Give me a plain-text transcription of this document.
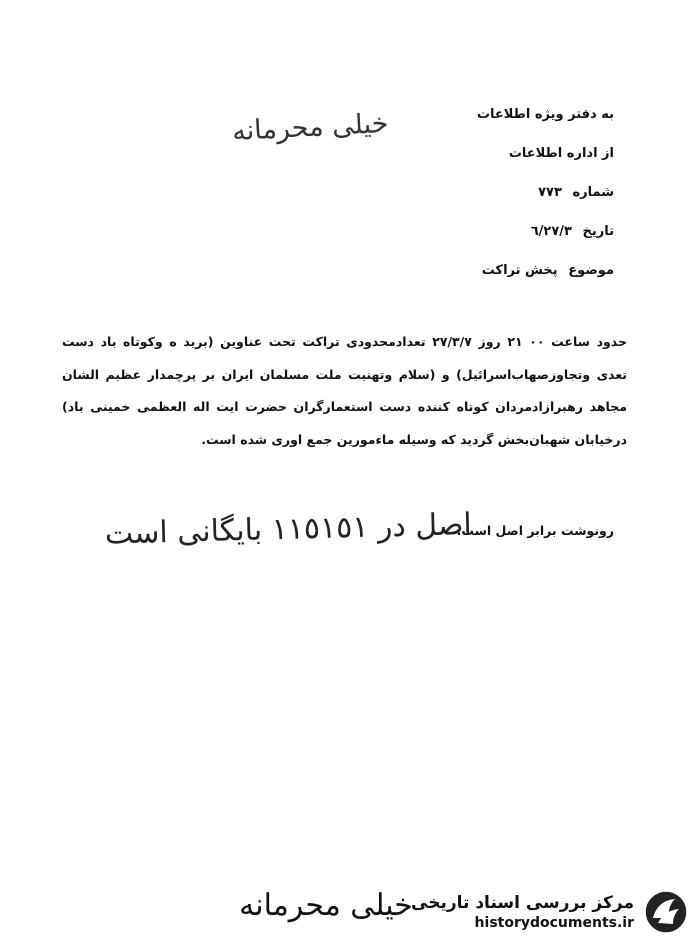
خیلی محرمانه	به دفتر ویژه اطلاعات
از اداره اطلاعات
شماره ۷۷۳
تاریخ ۲۷/۳/٦
موضوع پخش تراکت
حدود ساعت ۰۰ ۲۱ روز ۲۷/۳/۷ تعدادمحدودی تراکت تحت عناوین (برید ه وکوتاه باد دست تعدی وتجاوزصهاب‌اسرائیل) و (سلام وتهنیت ملت مسلمان ایران بر پرچمدار عظیم الشان مجاهد رهبرازادمردان کوتاه کننده دست استعمارگران حضرت ایت اله العظمی خمینی باد) درخیابان شهبان‌بخش گردید که وسیله ماءمورین جمع اوری شده است.
رونوشت برابر اصل است.
اصل در ۱۱٥۱٥۱ بایگانی است
خیلی محرمانه
مرکز بررسی اسناد تاریخی
historydocuments.ir
